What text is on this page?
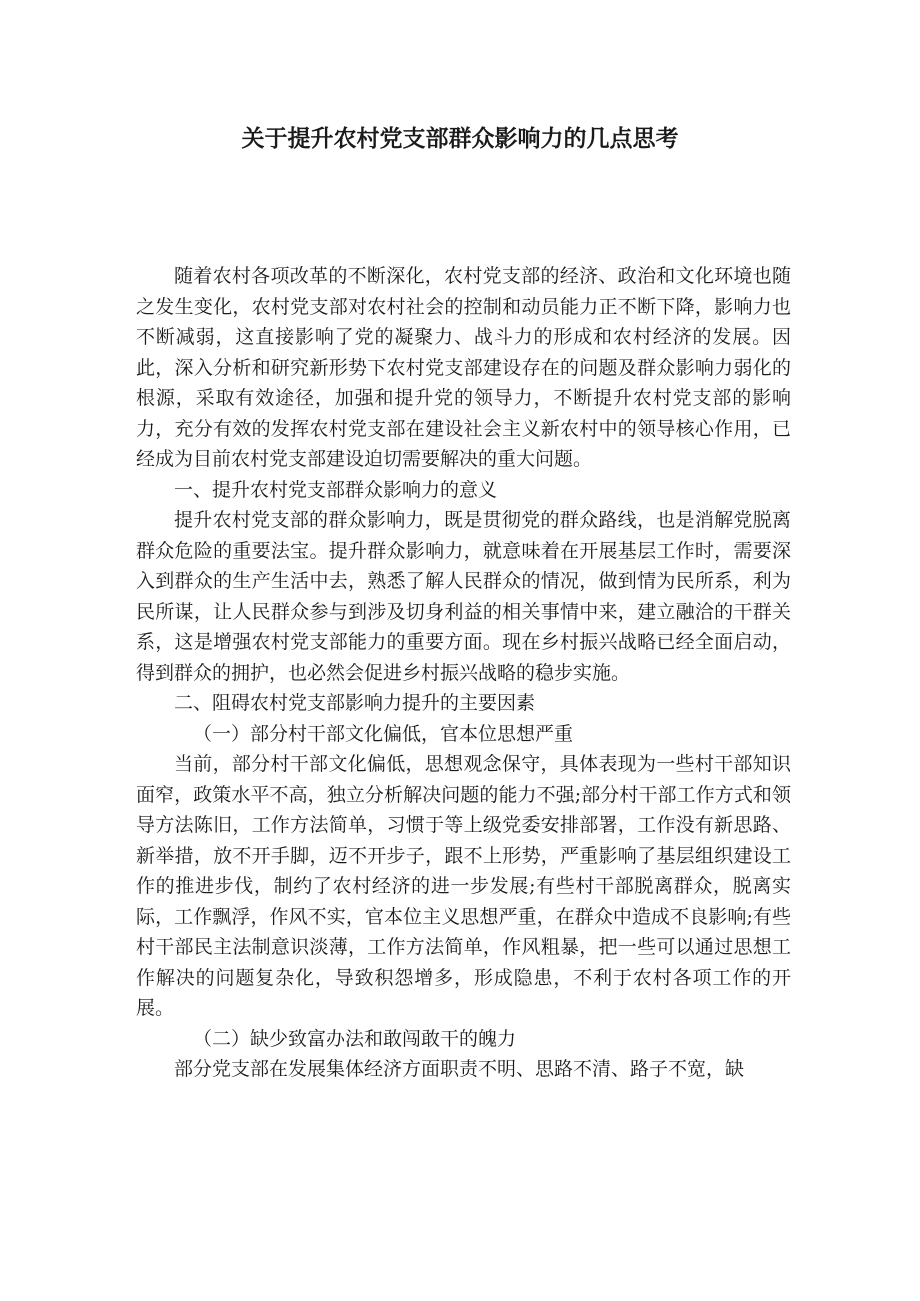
关于提升农村党支部群众影响力的几点思考

随着农村各项改革的不断深化，农村党支部的经济、政治和文化环境也随之发生变化，农村党支部对农村社会的控制和动员能力正不断下降，影响力也不断减弱，这直接影响了党的凝聚力、战斗力的形成和农村经济的发展。因此，深入分析和研究新形势下农村党支部建设存在的问题及群众影响力弱化的根源，采取有效途径，加强和提升党的领导力，不断提升农村党支部的影响力，充分有效的发挥农村党支部在建设社会主义新农村中的领导核心作用，已经成为目前农村党支部建设迫切需要解决的重大问题。

一、提升农村党支部群众影响力的意义

提升农村党支部的群众影响力，既是贯彻党的群众路线，也是消解党脱离群众危险的重要法宝。提升群众影响力，就意味着在开展基层工作时，需要深入到群众的生产生活中去，熟悉了解人民群众的情况，做到情为民所系，利为民所谋，让人民群众参与到涉及切身利益的相关事情中来，建立融洽的干群关系，这是增强农村党支部能力的重要方面。现在乡村振兴战略已经全面启动，得到群众的拥护，也必然会促进乡村振兴战略的稳步实施。

二、阻碍农村党支部影响力提升的主要因素

（一）部分村干部文化偏低，官本位思想严重

当前，部分村干部文化偏低，思想观念保守，具体表现为一些村干部知识面窄，政策水平不高，独立分析解决问题的能力不强;部分村干部工作方式和领导方法陈旧，工作方法简单，习惯于等上级党委安排部署，工作没有新思路、新举措，放不开手脚，迈不开步子，跟不上形势，严重影响了基层组织建设工作的推进步伐，制约了农村经济的进一步发展;有些村干部脱离群众，脱离实际，工作飘浮，作风不实，官本位主义思想严重，在群众中造成不良影响;有些村干部民主法制意识淡薄，工作方法简单，作风粗暴，把一些可以通过思想工作解决的问题复杂化，导致积怨增多，形成隐患，不利于农村各项工作的开展。

（二）缺少致富办法和敢闯敢干的魄力

部分党支部在发展集体经济方面职责不明、思路不清、路子不宽，缺
